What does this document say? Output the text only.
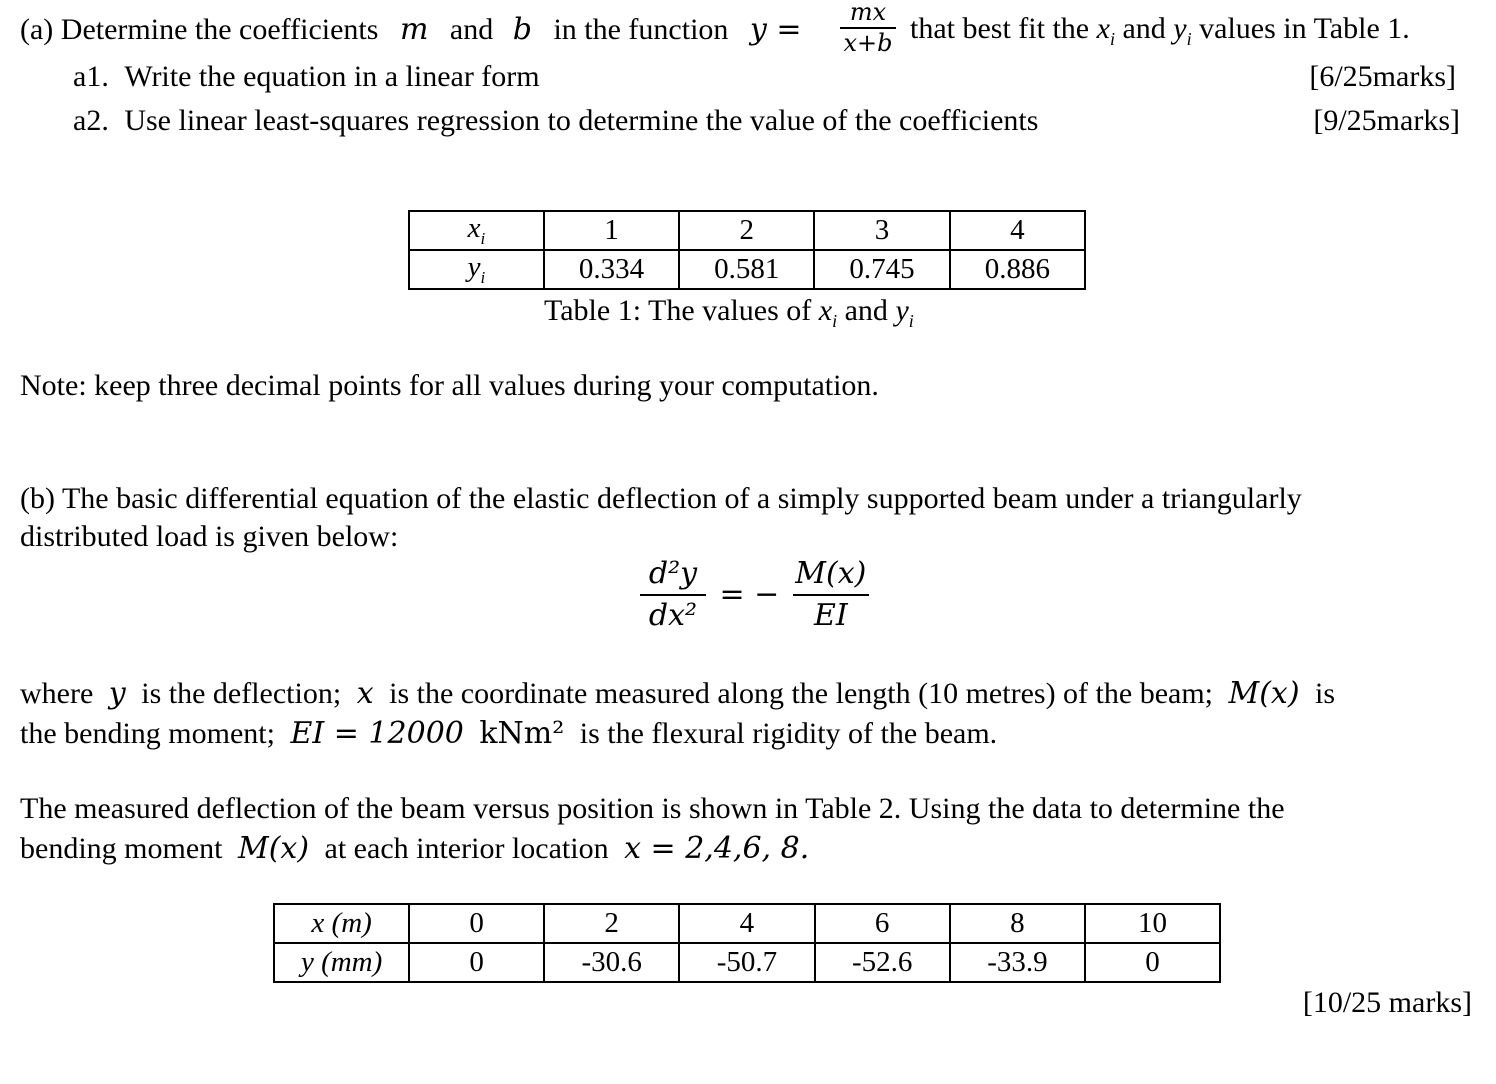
(a) Determine the coefficients m and b in the function y =	mx
x+b that best fit the $x_i$ and $y_i$ values in Table 1.
a1. Write the equation in a linear form	[6/25marks]
a2. Use linear least-squares regression to determine the value of the coefficients	[9/25marks]
$x_i$	1	2	3	4
$y_i$	0.334	0.581	0.745	0.886
Table 1: The values of $x_i$ and $y_i$
Note: keep three decimal points for all values during your computation.
(b) The basic differential equation of the elastic deflection of a simply supported beam under a triangularly
distributed load is given below:
$\frac{\text{d²y}}{\text{dx²}}$ = − $\frac{M(x)}{EI}$
where y is the deflection; x is the coordinate measured along the length (10 metres) of the beam; M(x) is
the bending moment; EI = 12000 kNm² is the flexural rigidity of the beam.
The measured deflection of the beam versus position is shown in Table 2. Using the data to determine the
bending moment M(x) at each interior location x = 2,4,6, 8.
x (m)	0	2	4	6	8	10
y (mm)	0	-30.6	-50.7	-52.6	-33.9	0
[10/25 marks]
